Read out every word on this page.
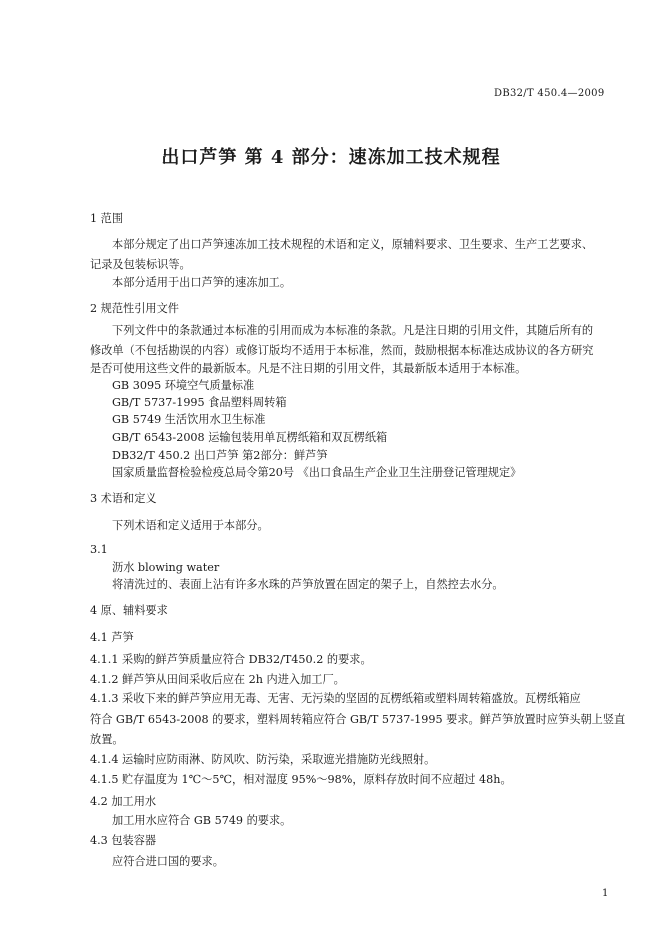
DB32/T 450.4—2009
出口芦笋 第 4 部分：速冻加工技术规程
1 范围
本部分规定了出口芦笋速冻加工技术规程的术语和定义，原辅料要求、卫生要求、生产工艺要求、
记录及包装标识等。
本部分适用于出口芦笋的速冻加工。
2 规范性引用文件
下列文件中的条款通过本标准的引用而成为本标准的条款。凡是注日期的引用文件，其随后所有的
修改单（不包括勘误的内容）或修订版均不适用于本标准，然而，鼓励根据本标准达成协议的各方研究
是否可使用这些文件的最新版本。凡是不注日期的引用文件，其最新版本适用于本标准。
GB 3095 环境空气质量标准
GB/T 5737-1995 食品塑料周转箱
GB 5749 生活饮用水卫生标准
GB/T 6543-2008 运输包装用单瓦楞纸箱和双瓦楞纸箱
DB32/T 450.2 出口芦笋 第2部分：鲜芦笋
国家质量监督检验检疫总局令第20号 《出口食品生产企业卫生注册登记管理规定》
3 术语和定义
下列术语和定义适用于本部分。
3.1
沥水 blowing water
将清洗过的、表面上沾有许多水珠的芦笋放置在固定的架子上，自然控去水分。
4 原、辅料要求
4.1 芦笋
4.1.1 采购的鲜芦笋质量应符合 DB32/T450.2 的要求。
4.1.2 鲜芦笋从田间采收后应在 2h 内进入加工厂。
4.1.3 采收下来的鲜芦笋应用无毒、无害、无污染的坚固的瓦楞纸箱或塑料周转箱盛放。瓦楞纸箱应
符合 GB/T 6543-2008 的要求，塑料周转箱应符合 GB/T 5737-1995 要求。鲜芦笋放置时应笋头朝上竖直
放置。
4.1.4 运输时应防雨淋、防风吹、防污染，采取遮光措施防光线照射。
4.1.5 贮存温度为 1℃～5℃，相对湿度 95%～98%，原料存放时间不应超过 48h。
4.2 加工用水
加工用水应符合 GB 5749 的要求。
4.3 包装容器
应符合进口国的要求。
1
